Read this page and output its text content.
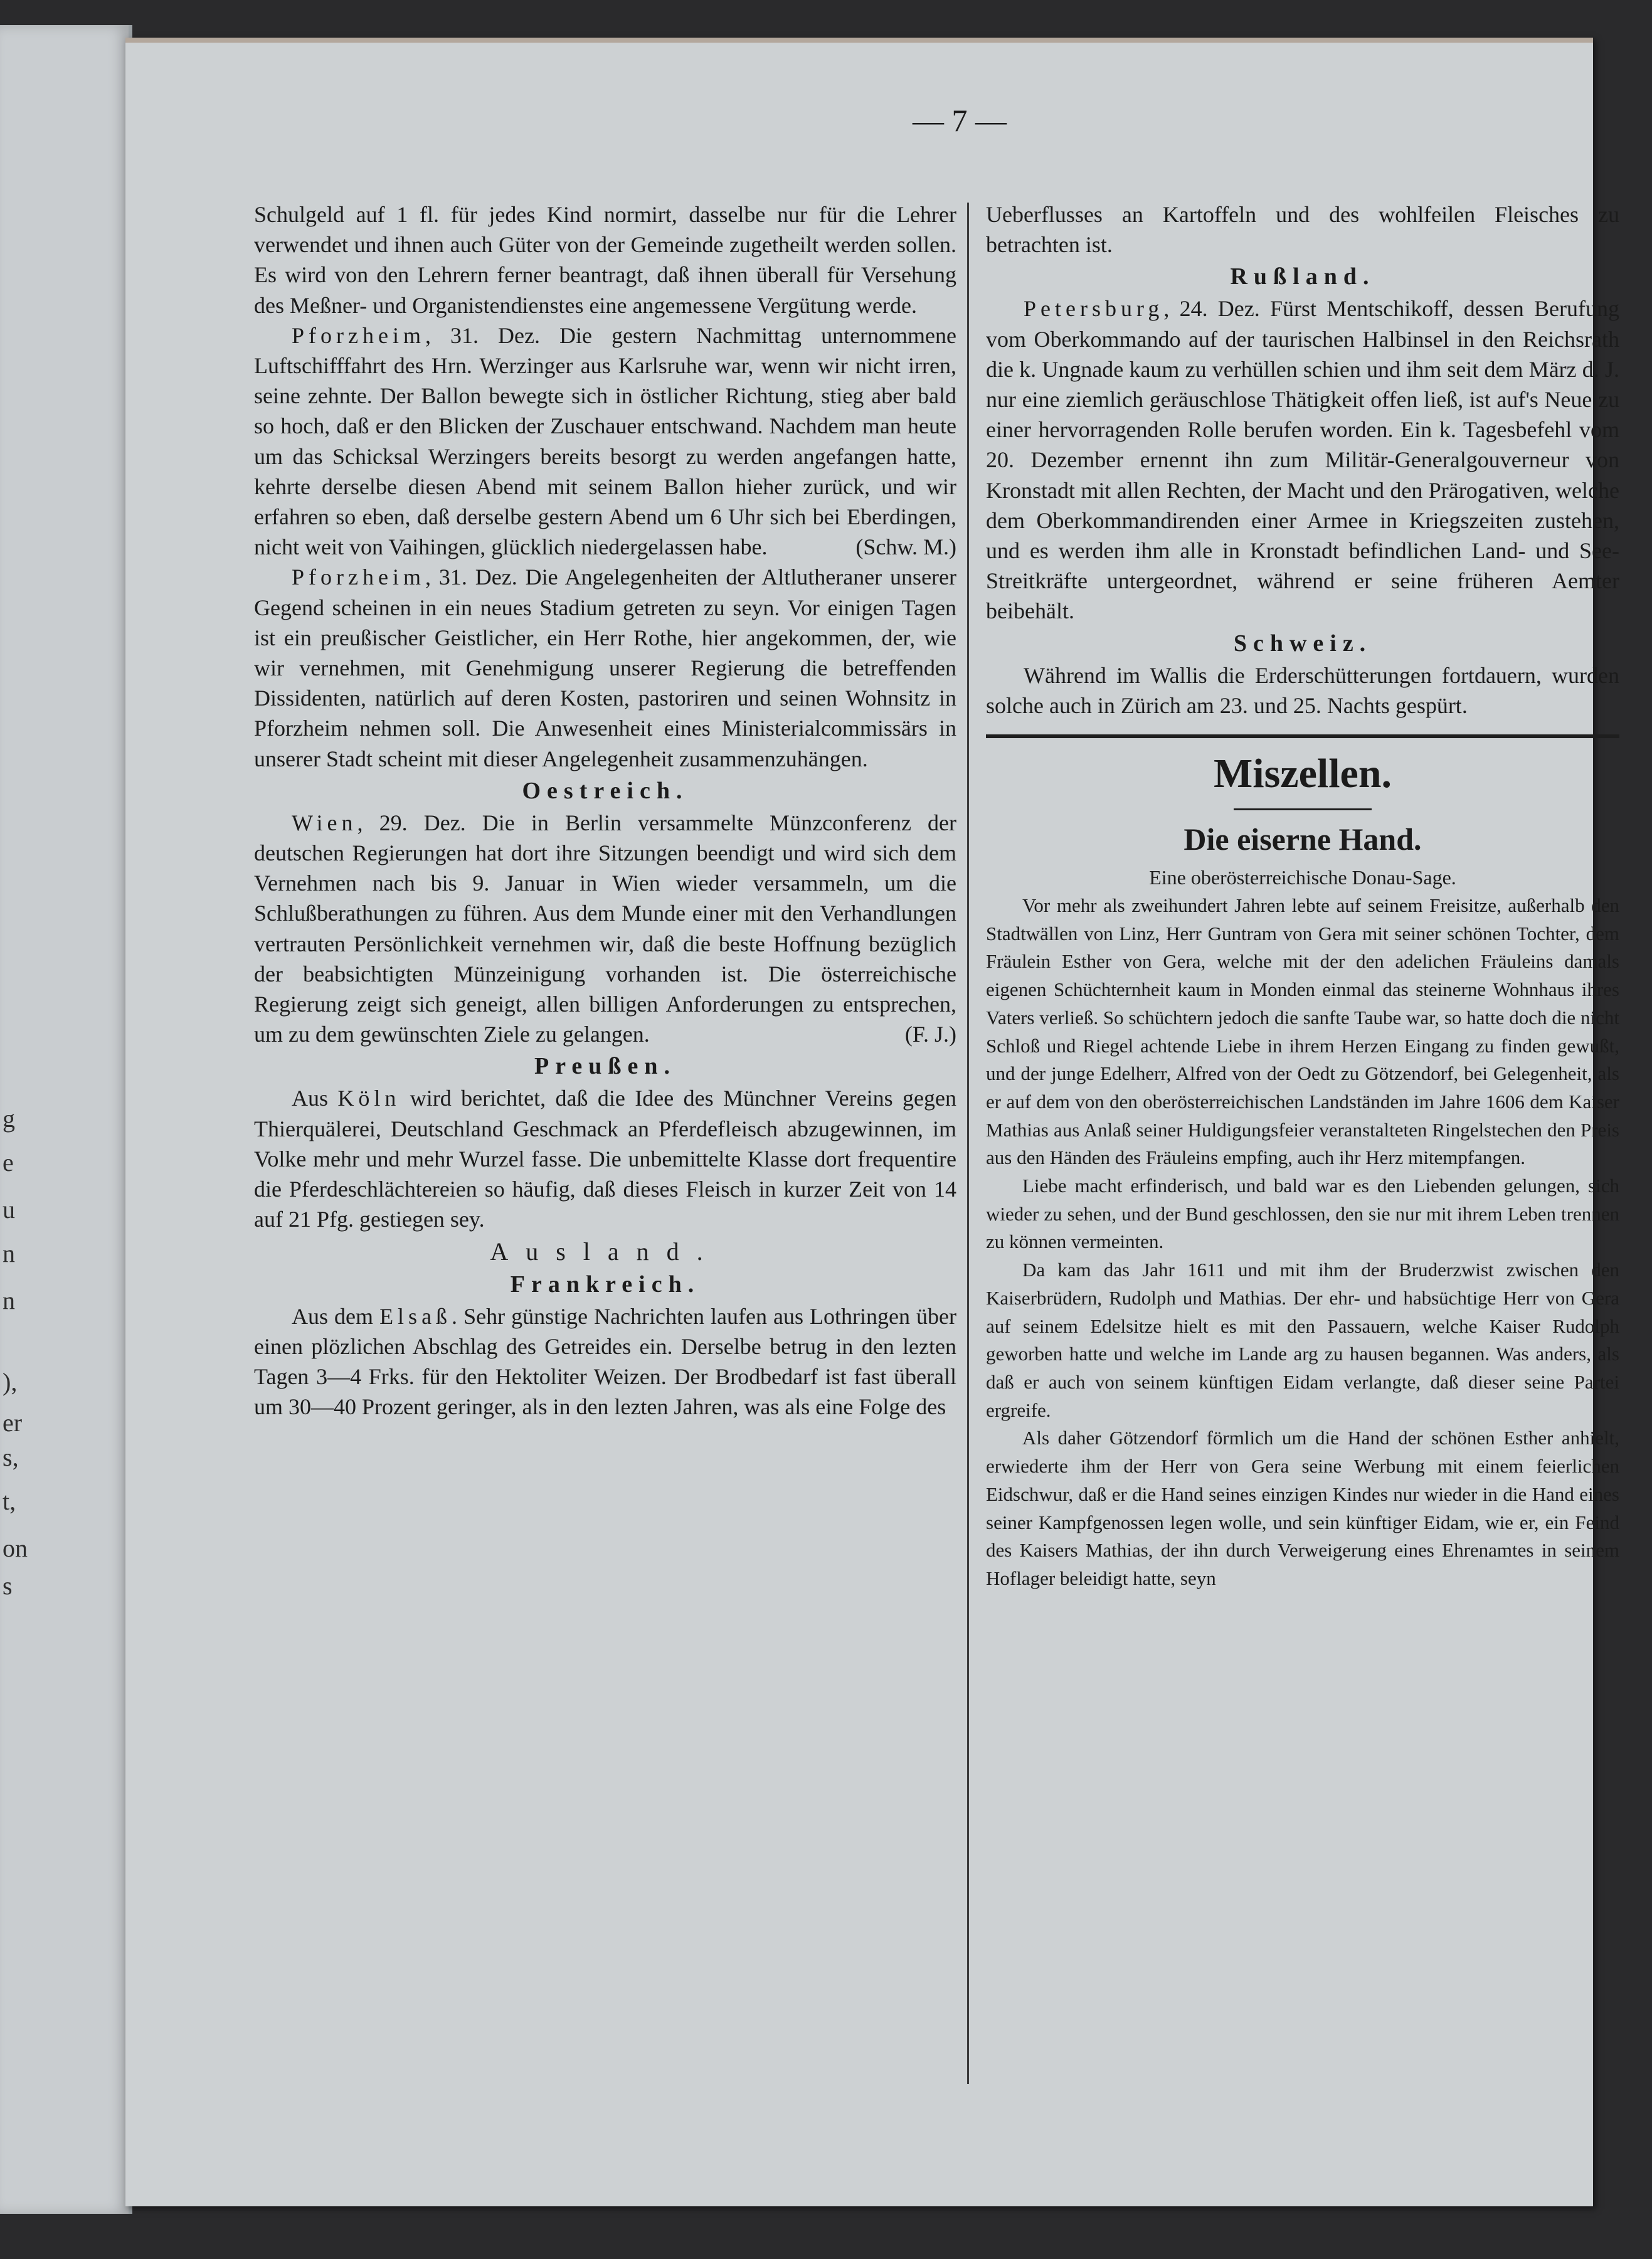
g
e
u
n
n
),
er
s,
t,
on
s
— 7 —

Schulgeld auf 1 fl. für jedes Kind normirt, dasselbe nur für die Lehrer verwendet und ihnen auch Güter von der Gemeinde zugetheilt werden sollen. Es wird von den Lehrern ferner beantragt, daß ihnen überall für Versehung des Meßner- und Organistendienstes eine angemessene Vergütung werde.

Pforzheim, 31. Dez. Die gestern Nachmittag unternommene Luftschifffahrt des Hrn. Werzinger aus Karlsruhe war, wenn wir nicht irren, seine zehnte. Der Ballon bewegte sich in östlicher Richtung, stieg aber bald so hoch, daß er den Blicken der Zuschauer entschwand. Nachdem man heute um das Schicksal Werzingers bereits besorgt zu werden angefangen hatte, kehrte derselbe diesen Abend mit seinem Ballon hieher zurück, und wir erfahren so eben, daß derselbe gestern Abend um 6 Uhr sich bei Eberdingen, nicht weit von Vaihingen, glücklich niedergelassen habe.	(Schw. M.)

Pforzheim, 31. Dez. Die Angelegenheiten der Altlutheraner unserer Gegend scheinen in ein neues Stadium getreten zu seyn. Vor einigen Tagen ist ein preußischer Geistlicher, ein Herr Rothe, hier angekommen, der, wie wir vernehmen, mit Genehmigung unserer Regierung die betreffenden Dissidenten, natürlich auf deren Kosten, pastoriren und seinen Wohnsitz in Pforzheim nehmen soll. Die Anwesenheit eines Ministerialcommissärs in unserer Stadt scheint mit dieser Angelegenheit zusammenzuhängen.

Oestreich.

Wien, 29. Dez. Die in Berlin versammelte Münzconferenz der deutschen Regierungen hat dort ihre Sitzungen beendigt und wird sich dem Vernehmen nach bis 9. Januar in Wien wieder versammeln, um die Schlußberathungen zu führen. Aus dem Munde einer mit den Verhandlungen vertrauten Persönlichkeit vernehmen wir, daß die beste Hoffnung bezüglich der beabsichtigten Münzeinigung vorhanden ist. Die österreichische Regierung zeigt sich geneigt, allen billigen Anforderungen zu entsprechen, um zu dem gewünschten Ziele zu gelangen.	(F. J.)

Preußen.

Aus Köln wird berichtet, daß die Idee des Münchner Vereins gegen Thierquälerei, Deutschland Geschmack an Pferdefleisch abzugewinnen, im Volke mehr und mehr Wurzel fasse. Die unbemittelte Klasse dort frequentire die Pferdeschlächtereien so häufig, daß dieses Fleisch in kurzer Zeit von 14 auf 21 Pfg. gestiegen sey.

Ausland.
Frankreich.

Aus dem Elsaß. Sehr günstige Nachrichten laufen aus Lothringen über einen plözlichen Abschlag des Getreides ein. Derselbe betrug in den lezten Tagen 3—4 Frks. für den Hektoliter Weizen. Der Brodbedarf ist fast überall um 30—40 Prozent geringer, als in den lezten Jahren, was als eine Folge des

Ueberflusses an Kartoffeln und des wohlfeilen Fleisches zu betrachten ist.

Rußland.

Petersburg, 24. Dez. Fürst Mentschikoff, dessen Berufung vom Oberkommando auf der taurischen Halbinsel in den Reichsrath die k. Ungnade kaum zu verhüllen schien und ihm seit dem März d. J. nur eine ziemlich geräuschlose Thätigkeit offen ließ, ist auf's Neue zu einer hervorragenden Rolle berufen worden. Ein k. Tagesbefehl vom 20. Dezember ernennt ihn zum Militär-Generalgouverneur von Kronstadt mit allen Rechten, der Macht und den Prärogativen, welche dem Oberkommandirenden einer Armee in Kriegszeiten zustehen, und es werden ihm alle in Kronstadt befindlichen Land- und See-Streitkräfte untergeordnet, während er seine früheren Aemter beibehält.

Schweiz.

Während im Wallis die Erderschütterungen fortdauern, wurden solche auch in Zürich am 23. und 25. Nachts gespürt.

Miszellen.
Die eiserne Hand.
Eine oberösterreichische Donau-Sage.

Vor mehr als zweihundert Jahren lebte auf seinem Freisitze, außerhalb den Stadtwällen von Linz, Herr Guntram von Gera mit seiner schönen Tochter, dem Fräulein Esther von Gera, welche mit der den adelichen Fräuleins damals eigenen Schüchternheit kaum in Monden einmal das steinerne Wohnhaus ihres Vaters verließ. So schüchtern jedoch die sanfte Taube war, so hatte doch die nicht Schloß und Riegel achtende Liebe in ihrem Herzen Eingang zu finden gewußt, und der junge Edelherr, Alfred von der Oedt zu Götzendorf, bei Gelegenheit, als er auf dem von den oberösterreichischen Landständen im Jahre 1606 dem Kaiser Mathias aus Anlaß seiner Huldigungsfeier veranstalteten Ringelstechen den Preis aus den Händen des Fräuleins empfing, auch ihr Herz mitempfangen.

Liebe macht erfinderisch, und bald war es den Liebenden gelungen, sich wieder zu sehen, und der Bund geschlossen, den sie nur mit ihrem Leben trennen zu können vermeinten.

Da kam das Jahr 1611 und mit ihm der Bruderzwist zwischen den Kaiserbrüdern, Rudolph und Mathias. Der ehr- und habsüchtige Herr von Gera auf seinem Edelsitze hielt es mit den Passauern, welche Kaiser Rudolph geworben hatte und welche im Lande arg zu hausen begannen. Was anders, als daß er auch von seinem künftigen Eidam verlangte, daß dieser seine Partei ergreife.

Als daher Götzendorf förmlich um die Hand der schönen Esther anhielt, erwiederte ihm der Herr von Gera seine Werbung mit einem feierlichen Eidschwur, daß er die Hand seines einzigen Kindes nur wieder in die Hand eines seiner Kampfgenossen legen wolle, und sein künftiger Eidam, wie er, ein Feind des Kaisers Mathias, der ihn durch Verweigerung eines Ehrenamtes in seinem Hoflager beleidigt hatte, seyn
